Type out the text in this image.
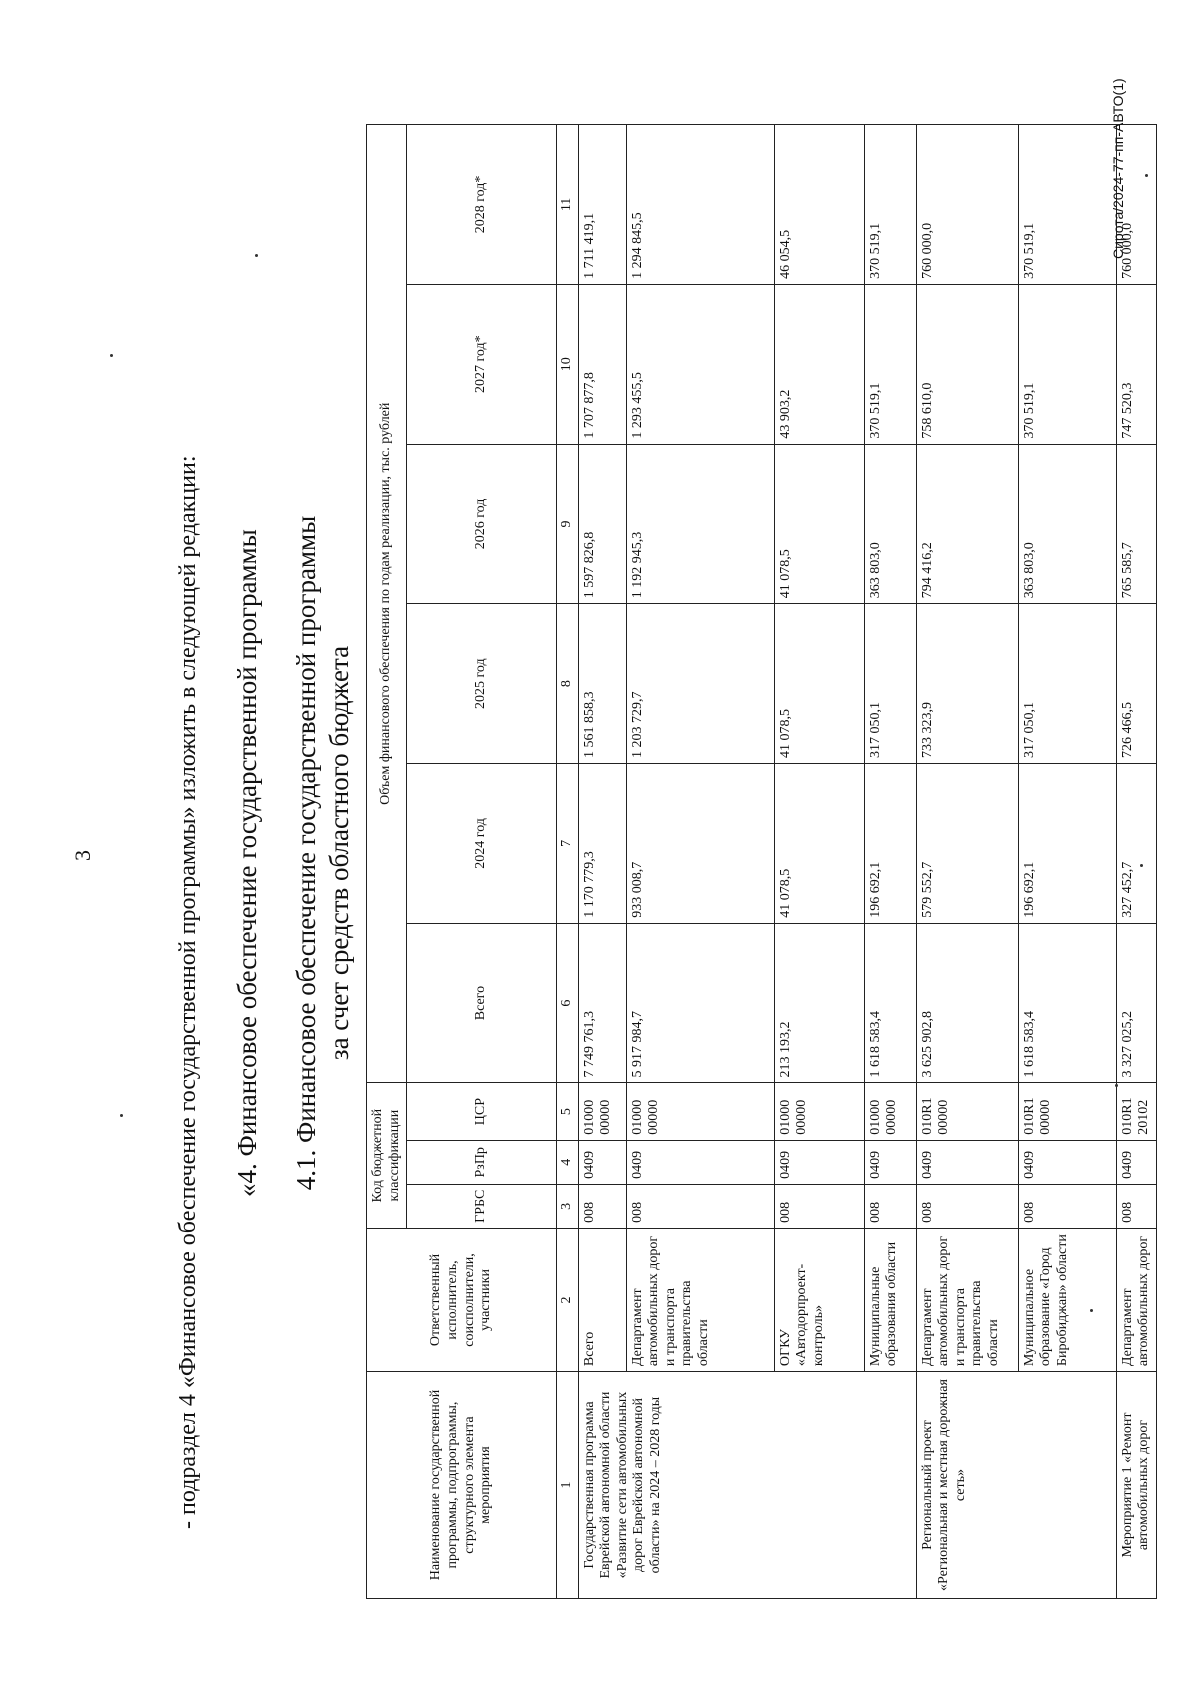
3	- подраздел 4 «Финансовое обеспечение государственной программы» изложить в следующей редакции: «4. Финансовое обеспечение государственной программы 4.1. Финансовое обеспечение государственной программы за счет средств областного бюджета
Наименование государственной программы, подпрограммы, структурного элемента мероприятия	Ответственный исполнитель, соисполнители, участники	Код бюджетной классификации			Объем финансового обеспечения по годам реализации, тыс. рублей					
		ГРБС	РзПр	ЦСР	Всего	2024 год	2025 год	2026 год	2027 год*	2028 год*
1	2	3	4	5	6	7	8	9	10	11
Государственная программа Еврейской автономной области «Развитие сети автомобильных дорог Еврейской автономной области» на 2024 – 2028 годы	Всего	008	0409	01000 00000	7 749 761,3	1 170 779,3	1 561 858,3	1 597 826,8	1 707 877,8	1 711 419,1
	Департамент автомобильных дорог и транспорта правительства области	008	0409	01000 00000	5 917 984,7	933 008,7	1 203 729,7	1 192 945,3	1 293 455,5	1 294 845,5
	ОГКУ «Автодорпроект-контроль»	008	0409	01000 00000	213 193,2	41 078,5	41 078,5	41 078,5	43 903,2	46 054,5
	Муниципальные образования области	008	0409	01000 00000	1 618 583,4	196 692,1	317 050,1	363 803,0	370 519,1	370 519,1
Региональный проект «Региональная и местная дорожная сеть»	Департамент автомобильных дорог и транспорта правительства области	008	0409	010R1 00000	3 625 902,8	579 552,7	733 323,9	794 416,2	758 610,0	760 000,0
	Муниципальное образование «Город Биробиджан» области	008	0409	010R1 00000	1 618 583,4	196 692,1	317 050,1	363 803,0	370 519,1	370 519,1
Мероприятие 1 «Ремонт автомобильных дорог	Департамент автомобильных дорог	008	0409	010R1 20102	3 327 025,2	327 452,7	726 466,5	765 585,7	747 520,3	760 000,0
Сирота/2024-77-пп-АВТО(1)
